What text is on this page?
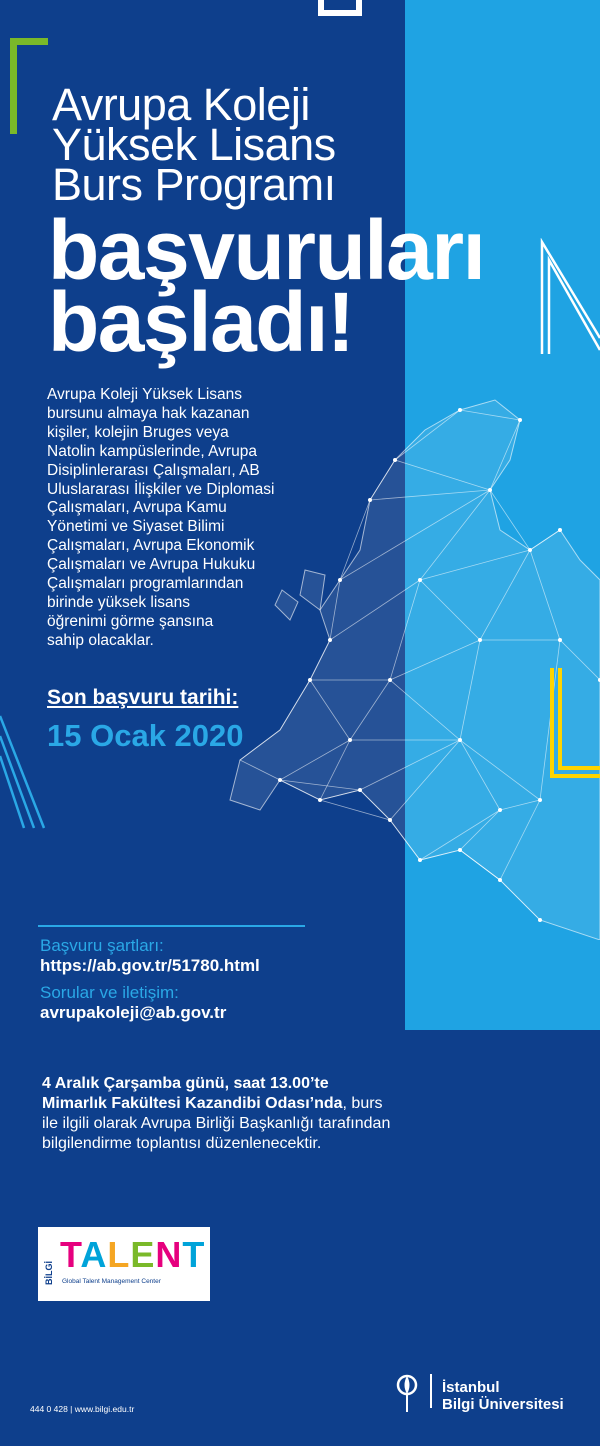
Avrupa Koleji
Yüksek Lisans
Burs Programı
başvuruları
başladı!
Avrupa Koleji Yüksek Lisans
bursunu almaya hak kazanan
kişiler, kolejin Bruges veya
Natolin kampüslerinde, Avrupa
Disiplinlerarası Çalışmaları, AB
Uluslararası İlişkiler ve Diplomasi
Çalışmaları, Avrupa Kamu
Yönetimi ve Siyaset Bilimi
Çalışmaları, Avrupa Ekonomik
Çalışmaları ve Avrupa Hukuku
Çalışmaları programlarından
birinde yüksek lisans
öğrenimi görme şansına
sahip olacaklar.
Son başvuru tarihi:
15 Ocak 2020
Başvuru şartları:
https://ab.gov.tr/51780.html
Sorular ve iletişim:
avrupakoleji@ab.gov.tr
4 Aralık Çarşamba günü, saat 13.00’te
Mimarlık Fakültesi Kazandibi Odası’nda, burs
ile ilgili olarak Avrupa Birliği Başkanlığı tarafından
bilgilendirme toplantısı düzenlenecektir.
BİLGİ TALENT
Global Talent Management Center
444 0 428 | www.bilgi.edu.tr
İstanbul
Bilgi Üniversitesi
